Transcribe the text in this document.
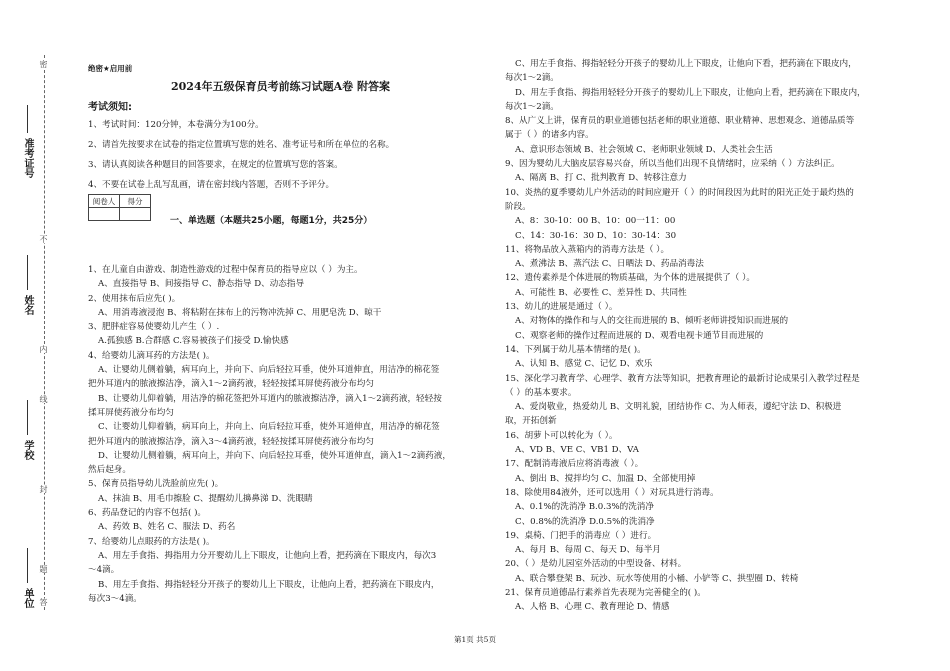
准考证号
姓名
学校
单位
密
不
内
线
封
题
答
绝密★启用前
2024年五级保育员考前练习试题A卷 附答案
考试须知:
1、考试时间：120分钟，本卷满分为100分。
2、请首先按要求在试卷的指定位置填写您的姓名、准考证号和所在单位的名称。
3、请认真阅读各种题目的回答要求，在规定的位置填写您的答案。
4、不要在试卷上乱写乱画，请在密封线内答题，否则不予评分。
阅卷人	得分

一、单选题（本题共25小题，每题1分，共25分）
1、在儿童自由游戏、制造性游戏的过程中保育员的指导应以（ ）为主。
A、直接指导 B、间接指导 C、静态指导 D、动态指导
2、使用抹布后应先( )。
A、用消毒液浸泡 B、将粘附在抹布上的污物冲洗掉 C、用肥皂洗 D、晾干
3、肥胖症容易使婴幼儿产生（ ）.
A.孤独感 B.合群感 C.容易被孩子们接受 D.愉快感
4、给婴幼儿滴耳药的方法是( )。
A、让婴幼儿侧着躺，病耳向上，并向下、向后轻拉耳垂，使外耳道伸直，用洁净的棉花签
把外耳道内的脓液擦洁净，滴入1～2滴药液，轻轻按揉耳屏使药液分布均匀
B、让婴幼儿仰着躺，用洁净的棉花签把外耳道内的脓液擦洁净，滴入1～2滴药液，轻轻按
揉耳屏使药液分布均匀
C、让婴幼儿仰着躺，病耳向上，并向上、向后轻拉耳垂，使外耳道伸直，用洁净的棉花签
把外耳道内的脓液擦洁净，滴入3～4滴药液，轻轻按揉耳屏使药液分布均匀
D、让婴幼儿侧着躺，病耳向上，并向下、向后轻拉耳垂，使外耳道伸直，滴入1～2滴药液，
然后起身。
5、保育员指导幼儿洗脸前应先( )。
A、抹油 B、用毛巾擦脸 C、提醒幼儿擤鼻涕 D、洗眼睛
6、药品登记的内容不包括( )。
A、药效 B、姓名 C、服法 D、药名
7、给婴幼儿点眼药的方法是( )。
A、用左手食指、拇指用力分开婴幼儿上下眼皮，让他向上看，把药滴在下眼皮内，每次3
～4滴。
B、用左手食指、拇指轻轻分开孩子的婴幼儿上下眼皮，让他向上看，把药滴在下眼皮内，
每次3～4滴。
C、用左手食指、拇指轻轻分开孩子的婴幼儿上下眼皮，让他向下看，把药滴在下眼皮内，
每次1～2滴。
D、用左手食指、拇指用轻轻分开孩子的婴幼儿上下眼皮，让他向上看，把药滴在下眼皮内，
每次1～2滴。
8、从广义上讲，保育员的职业道德包括老师的职业道德、职业精神、思想观念、道德品质等
属于（ ）的诸多内容。
A、意识形态领域 B、社会领域 C、老师职业领域 D、人类社会生活
9、因为婴幼儿大脑皮层容易兴奋，所以当他们出现不良情绪时，应采纳（ ）方法纠正。
A、隔离 B、打 C、批判教育 D、转移注意力
10、炎热的夏季婴幼儿户外活动的时间应避开（ ）的时间段因为此时的阳光正处于最灼热的
阶段。
A、8：30-10：00 B、10：00一11：00
C、14：30-16：30 D、10：30-14：30
11、将物品放入蒸箱内的消毒方法是（ ）。
A、煮沸法 B、蒸汽法 C、日晒法 D、药品消毒法
12、遗传素养是个体进展的物质基础，为个体的进展提供了（ ）。
A、可能性 B、必要性 C、差异性 D、共同性
13、幼儿的进展是通过（ ）。
A、对物体的操作和与人的交往而进展的 B、倾听老师讲授知识而进展的
C、观察老师的操作过程而进展的 D、观看电视卡通节目而进展的
14、下列属于幼儿基本情绪的是( )。
A、认知 B、感觉 C、记忆 D、欢乐
15、深化学习教育学、心理学、教育方法等知识，把教育理论的最新讨论成果引入教学过程是
（ ）的基本要求。
A、爱岗敬业，热爱幼儿 B、文明礼貌，团结协作 C、为人师表，遵纪守法 D、积极进
取，开拓创新
16、胡萝卜可以转化为（ ）。
A、VD B、VE C、VB1 D、VA
17、配制消毒液后应将消毒液（ ）。
A、倒出 B、搅拌均匀 C、加温 D、全部使用掉
18、除使用84液外，还可以选用（ ）对玩具进行消毒。
A、0.1%的洗消净 B.0.3%的洗消净
C、0.8%的洗消净 D.0.5%的洗消净
19、桌椅、门把手的消毒应（ ）进行。
A、每月 B、每周 C、每天 D、每半月
20、（ ）是幼儿园室外活动的中型设备、材料。
A、联合攀登架 B、玩沙、玩水等使用的小桶、小铲等 C、拱型圈 D、转椅
21、保育员道德品行素养首先表现为完善健全的( )。
A、人格 B、心理 C、教育理论 D、情感
第1页 共5页
